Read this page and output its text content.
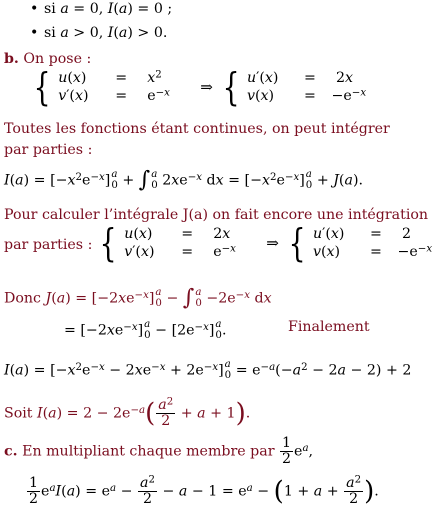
• si a = 0, I(a) = 0 ;
• si a > 0, I(a) > 0.
b. On pose :
{ u(x)	=	$x^2$
v′(x)	= $e^{-x}$	⇒ { u′(x)	= 2x
v(x)	= $-e^{-x}$
Toutes les fonctions étant continues, on peut intégrer
par parties :
$I(a) = [-x^2e^{-x}]$ a
0 + ∫ a
0 $2xe^{-x}$ dx = $[-x^2e^{-x}]$ a
0 + J(a).
Pour calculer l’intégrale J(a) on fait encore une intégration
par parties : { u(x)	= 2x
v′(x)	= $e^{-x}$	⇒ { u′(x)	= 2
v(x)	= $-e^{-x}$
Donc $J(a) = [-2xe^{-x}]$ a
0 − ∫ a
$0 -2e^{-x}$ dx
= $[-2xe^{-x}]$ a
$0 - [2e^{-x}]$ a
0 .	Finalement
$I(a) = [-x^2e^{-x} - 2xe^{-x} + 2e^{-x}]$ a
$0 = e^{-a}(-a^2 - 2a - 2) + 2$
Soit $I(a) = 2 - 2e^{-a}( \frac{a^2}{2} + a + 1)$.
c. En multipliant chaque membre par $\frac{1}{2} e^a$,
$\frac{1}{2} e^aI(a) = e^a - \frac{a^2}{2} - a - 1 = e^a - (1 + a + \frac{a^2}{2}$ ).
